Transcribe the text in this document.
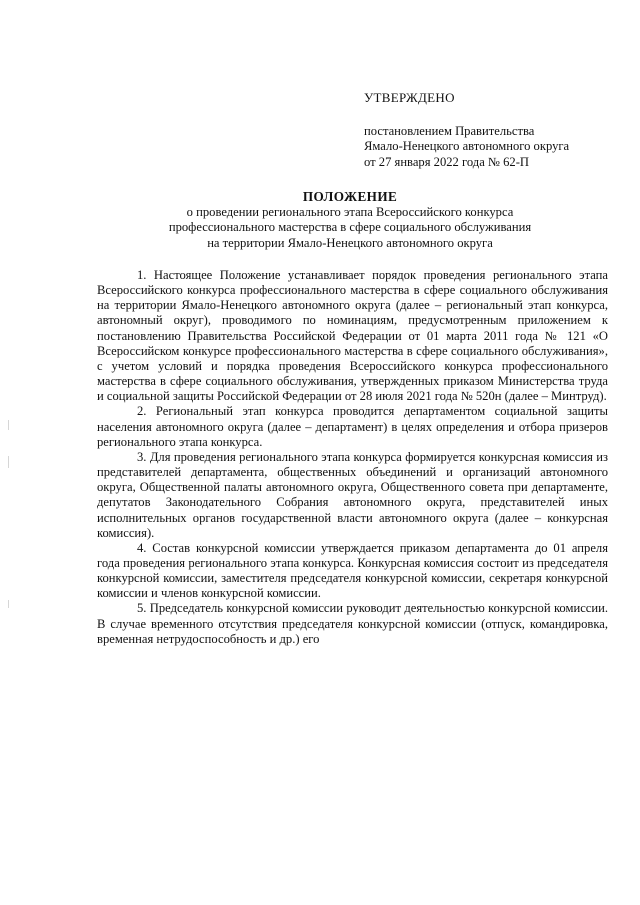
УТВЕРЖДЕНО
постановлением Правительства
Ямало-Ненецкого автономного округа
от 27 января 2022 года № 62-П
ПОЛОЖЕНИЕ
о проведении регионального этапа Всероссийского конкурса
профессионального мастерства в сфере социального обслуживания
на территории Ямало-Ненецкого автономного округа

1. Настоящее Положение устанавливает порядок проведения регионального этапа Всероссийского конкурса профессионального мастерства в сфере социального обслуживания на территории Ямало-Ненецкого автономного округа (далее – региональный этап конкурса, автономный округ), проводимого по номинациям, предусмотренным приложением к постановлению Правительства Российской Федерации от 01 марта 2011 года № 121 «О Всероссийском конкурсе профессионального мастерства в сфере социального обслуживания», с учетом условий и порядка проведения Всероссийского конкурса профессионального мастерства в сфере социального обслуживания, утвержденных приказом Министерства труда и социальной защиты Российской Федерации от 28 июля 2021 года № 520н (далее – Минтруд).

2. Региональный этап конкурса проводится департаментом социальной защиты населения автономного округа (далее – департамент) в целях определения и отбора призеров регионального этапа конкурса.

3. Для проведения регионального этапа конкурса формируется конкурсная комиссия из представителей департамента, общественных объединений и организаций автономного округа, Общественной палаты автономного округа, Общественного совета при департаменте, депутатов Законодательного Собрания автономного округа, представителей иных исполнительных органов государственной власти автономного округа (далее – конкурсная комиссия).

4. Состав конкурсной комиссии утверждается приказом департамента до 01 апреля года проведения регионального этапа конкурса. Конкурсная комиссия состоит из председателя конкурсной комиссии, заместителя председателя конкурсной комиссии, секретаря конкурсной комиссии и членов конкурсной комиссии.

5. Председатель конкурсной комиссии руководит деятельностью конкурсной комиссии. В случае временного отсутствия председателя конкурсной комиссии (отпуск, командировка, временная нетрудоспособность и др.) его
